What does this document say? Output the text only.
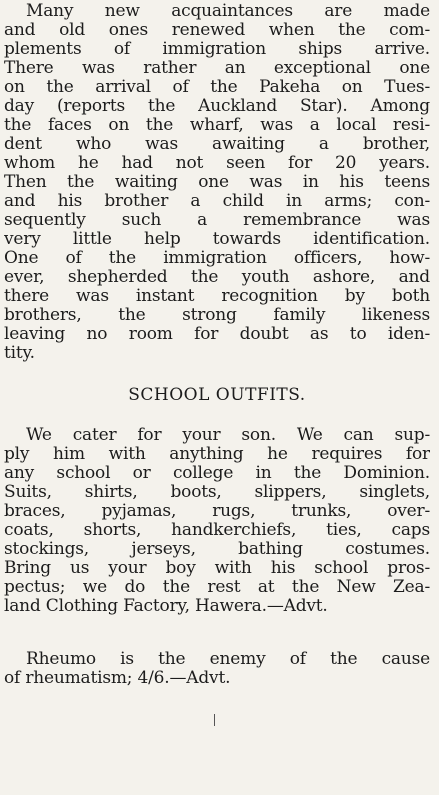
Many new acquaintances are made
and old ones renewed when the com-
plements of immigration ships arrive.
There was rather an exceptional one
on the arrival of the Pakeha on Tues-
day (reports the Auckland Star). Among
the faces on the wharf, was a local resi-
dent who was awaiting a brother,
whom he had not seen for 20 years.
Then the waiting one was in his teens
and his brother a child in arms; con-
sequently such a remembrance was
very little help towards identification.
One of the immigration officers, how-
ever, shepherded the youth ashore, and
there was instant recognition by both
brothers, the strong family likeness
leaving no room for doubt as to iden-
tity.
SCHOOL OUTFITS.
We cater for your son. We can sup-
ply him with anything he requires for
any school or college in the Dominion.
Suits, shirts, boots, slippers, singlets,
braces, pyjamas, rugs, trunks, over-
coats, shorts, handkerchiefs, ties, caps
stockings, jerseys, bathing costumes.
Bring us your boy with his school pros-
pectus; we do the rest at the New Zea-
land Clothing Factory, Hawera.—Advt.
Rheumo is the enemy of the cause
of rheumatism; 4/6.—Advt.
